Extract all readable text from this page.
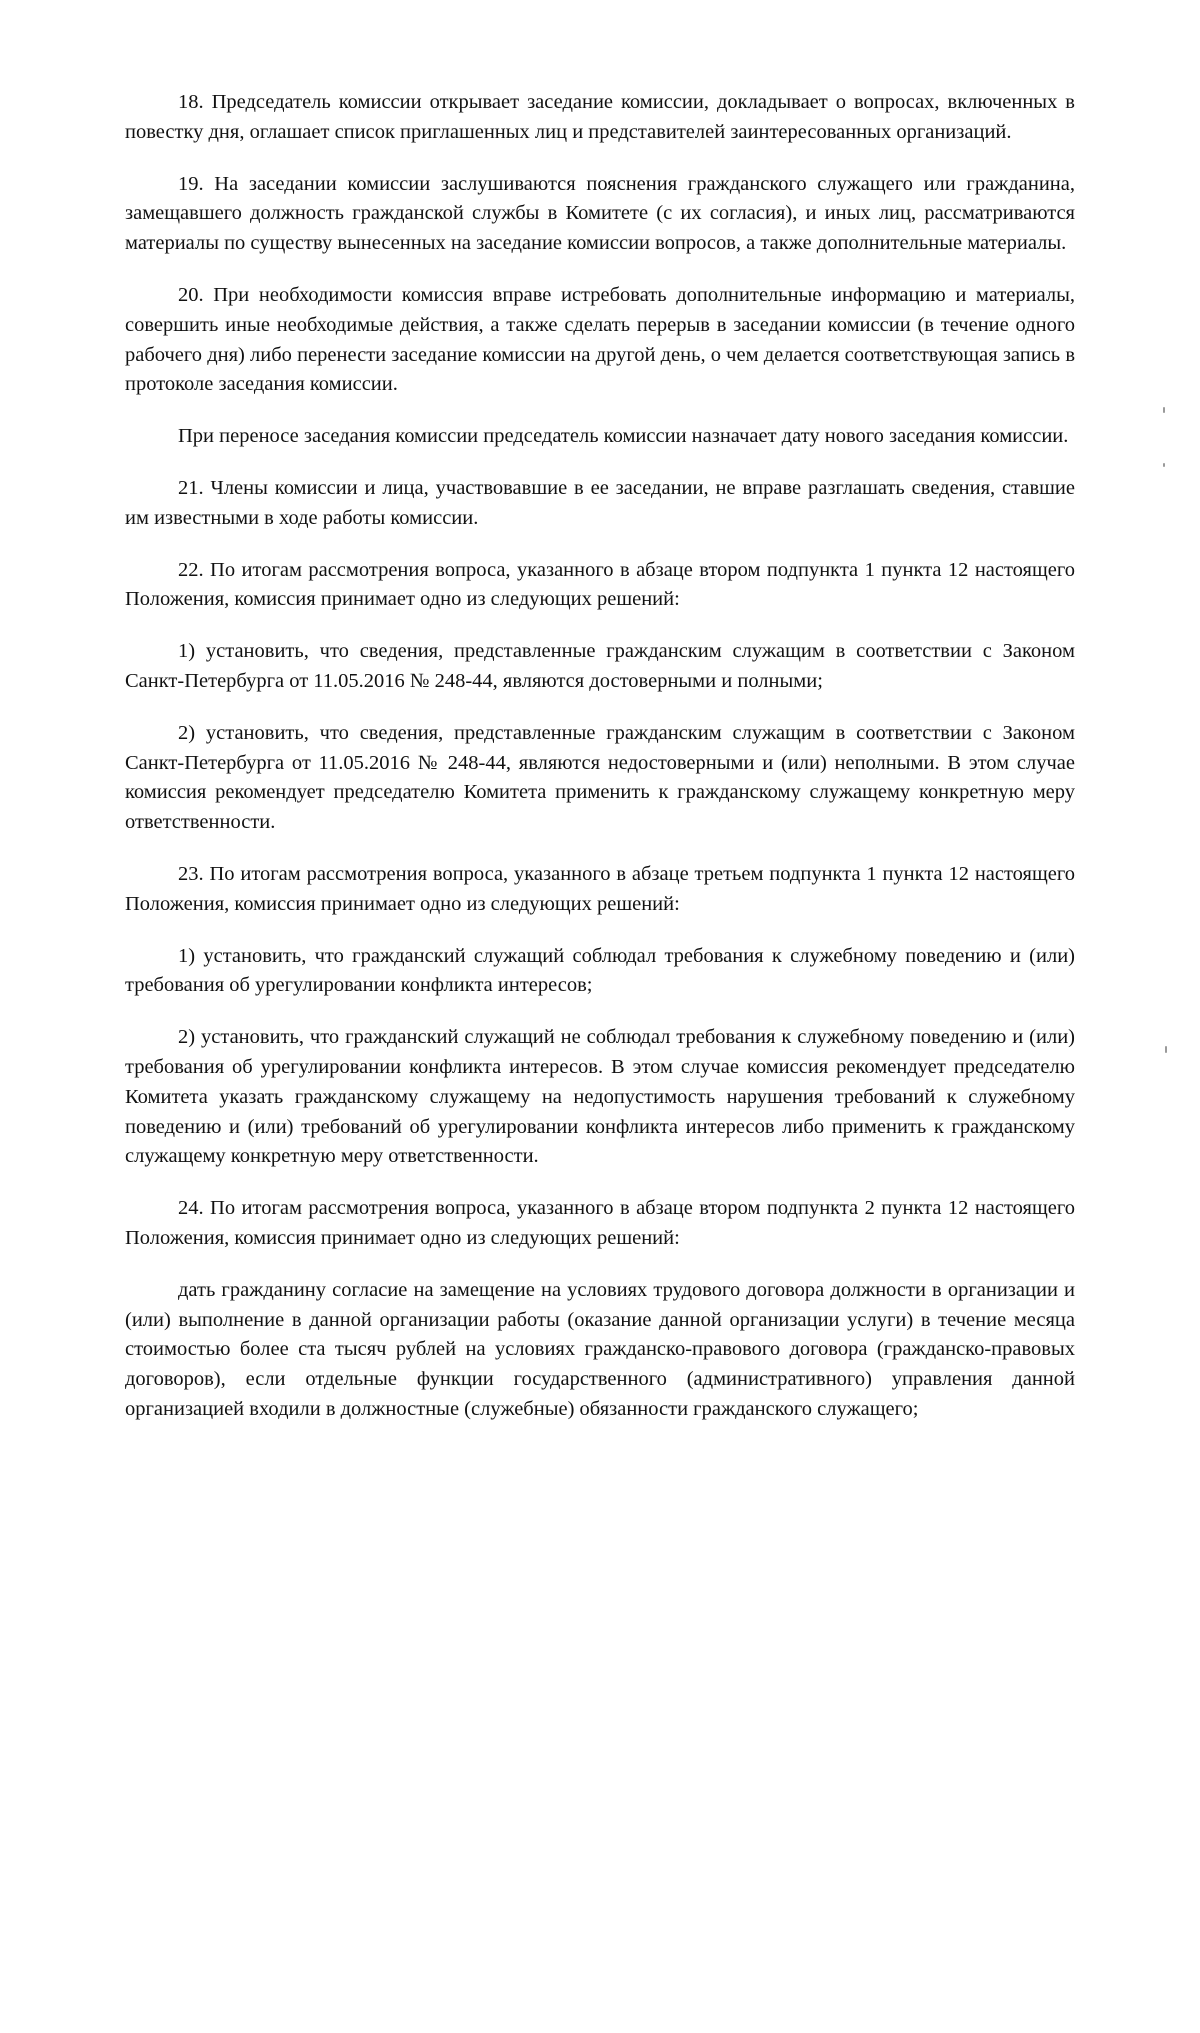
18. Председатель комиссии открывает заседание комиссии, докладывает о вопросах, включенных в повестку дня, оглашает список приглашенных лиц и представителей заинтересованных организаций.

19. На заседании комиссии заслушиваются пояснения гражданского служащего или гражданина, замещавшего должность гражданской службы в Комитете (с их согласия), и иных лиц, рассматриваются материалы по существу вынесенных на заседание комиссии вопросов, а также дополнительные материалы.

20. При необходимости комиссия вправе истребовать дополнительные информацию и материалы, совершить иные необходимые действия, а также сделать перерыв в заседании комиссии (в течение одного рабочего дня) либо перенести заседание комиссии на другой день, о чем делается соответствующая запись в протоколе заседания комиссии.

При переносе заседания комиссии председатель комиссии назначает дату нового заседания комиссии.

21. Члены комиссии и лица, участвовавшие в ее заседании, не вправе разглашать сведения, ставшие им известными в ходе работы комиссии.

22. По итогам рассмотрения вопроса, указанного в абзаце втором подпункта 1 пункта 12 настоящего Положения, комиссия принимает одно из следующих решений:

1) установить, что сведения, представленные гражданским служащим в соответствии с Законом Санкт-Петербурга от 11.05.2016 № 248-44, являются достоверными и полными;

2) установить, что сведения, представленные гражданским служащим в соответствии с Законом Санкт-Петербурга от 11.05.2016 № 248-44, являются недостоверными и (или) неполными. В этом случае комиссия рекомендует председателю Комитета применить к гражданскому служащему конкретную меру ответственности.

23. По итогам рассмотрения вопроса, указанного в абзаце третьем подпункта 1 пункта 12 настоящего Положения, комиссия принимает одно из следующих решений:

1) установить, что гражданский служащий соблюдал требования к служебному поведению и (или) требования об урегулировании конфликта интересов;

2) установить, что гражданский служащий не соблюдал требования к служебному поведению и (или) требования об урегулировании конфликта интересов. В этом случае комиссия рекомендует председателю Комитета указать гражданскому служащему на недопустимость нарушения требований к служебному поведению и (или) требований об урегулировании конфликта интересов либо применить к гражданскому служащему конкретную меру ответственности.

24. По итогам рассмотрения вопроса, указанного в абзаце втором подпункта 2 пункта 12 настоящего Положения, комиссия принимает одно из следующих решений:

дать гражданину согласие на замещение на условиях трудового договора должности в организации и (или) выполнение в данной организации работы (оказание данной организации услуги) в течение месяца стоимостью более ста тысяч рублей на условиях гражданско-правового договора (гражданско-правовых договоров), если отдельные функции государственного (административного) управления данной организацией входили в должностные (служебные) обязанности гражданского служащего;
